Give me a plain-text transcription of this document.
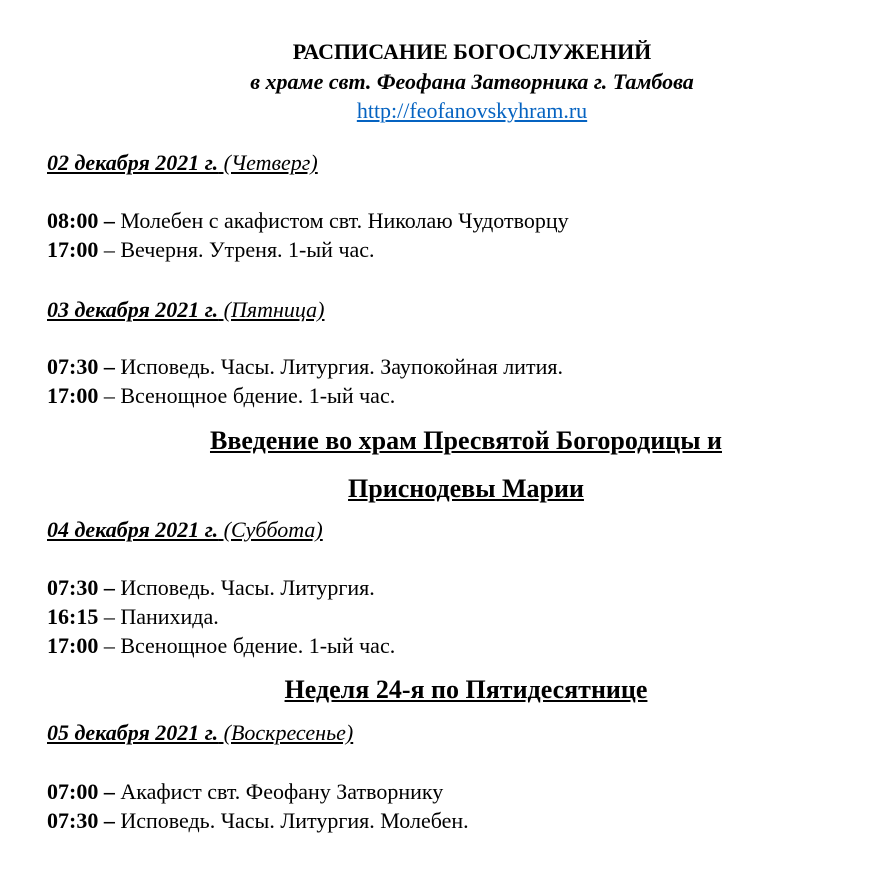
РАСПИСАНИЕ БОГОСЛУЖЕНИЙ
в храме свт. Феофана Затворника г. Тамбова
http://feofanovskyhram.ru
02 декабря 2021 г. (Четверг)
08:00 – Молебен с акафистом свт. Николаю Чудотворцу
17:00 – Вечерня. Утреня. 1-ый час.
03 декабря 2021 г. (Пятница)
07:30 – Исповедь. Часы. Литургия. Заупокойная лития.
17:00 – Всенощное бдение. 1-ый час.
Введение во храм Пресвятой Богородицы и
Приснодевы Марии
04 декабря 2021 г. (Суббота)
07:30 – Исповедь. Часы. Литургия.
16:15 – Панихида.
17:00 – Всенощное бдение. 1-ый час.
Неделя 24-я по Пятидесятнице
05 декабря 2021 г. (Воскресенье)
07:00 – Акафист свт. Феофану Затворнику
07:30 – Исповедь. Часы. Литургия. Молебен.
